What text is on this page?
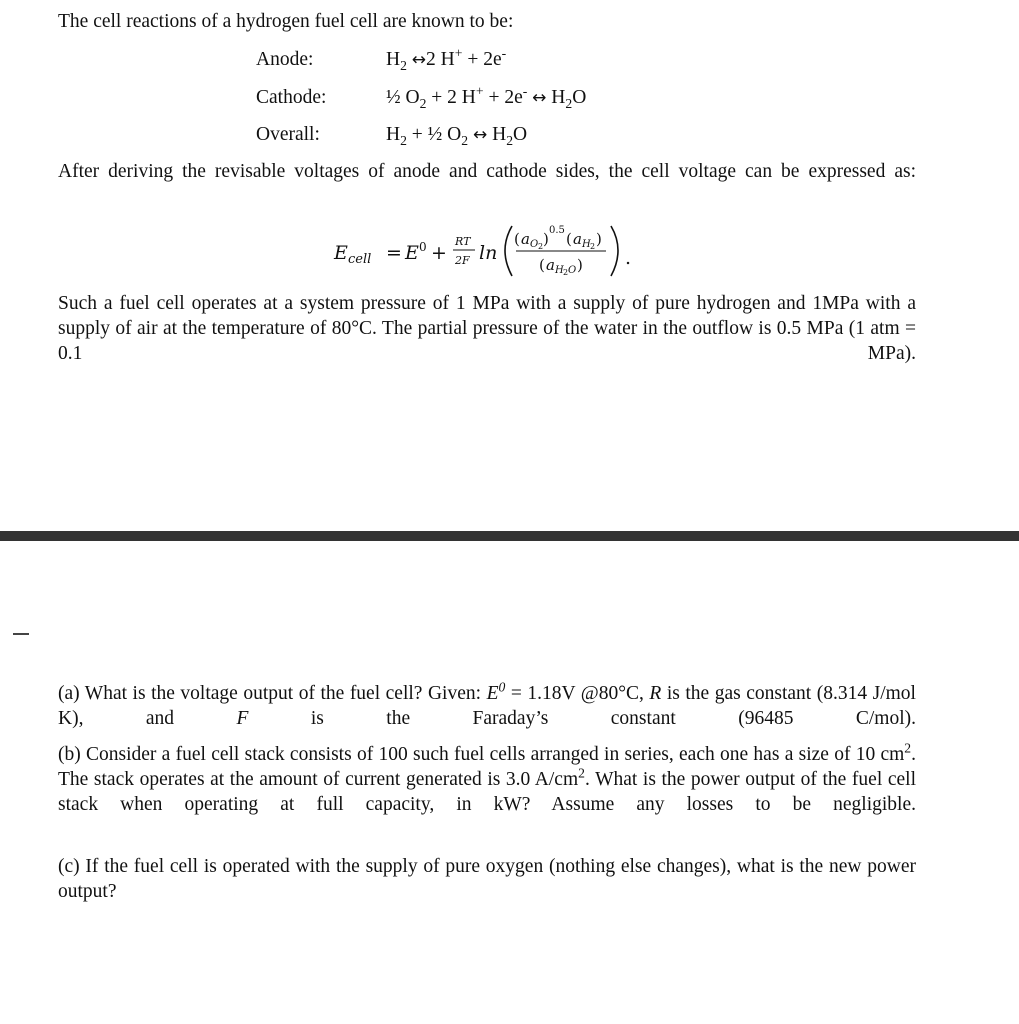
The cell reactions of a hydrogen fuel cell are known to be:
Anode:	$H_2$ ↔2 H+ + 2e-
Cathode:	½ $O_2 + 2$ H+ + 2e- ↔ $H_2O$
Overall:	$H_2$ + ½ $O_2$ ↔ $H_2O$
After deriving the revisable voltages of anode and cathode sides, the cell voltage can be expressed as:
E cell = E 0 +
RT
2F ln
( a O 2 ) 0.5 ( a H 2 )
( a H 2 O ) .
Such a fuel cell operates at a system pressure of 1 MPa with a supply of pure hydrogen and 1MPa with a supply of air at the temperature of 80°C. The partial pressure of the water in the outflow is 0.5 MPa (1 atm = 0.1 MPa).
(a) What is the voltage output of the fuel cell? Given: $E^0 = 1.18V$ @80°C, R is the gas constant (8.314 J/mol K), and F is the Faraday’s constant (96485 C/mol).
(b) Consider a fuel cell stack consists of 100 such fuel cells arranged in series, each one has a size of 10 $cm^2$. The stack operates at the amount of current generated is 3.0 $A/cm^2$. What is the power output of the fuel cell stack when operating at full capacity, in kW? Assume any losses to be negligible.
(c) If the fuel cell is operated with the supply of pure oxygen (nothing else changes), what is the new power output?
